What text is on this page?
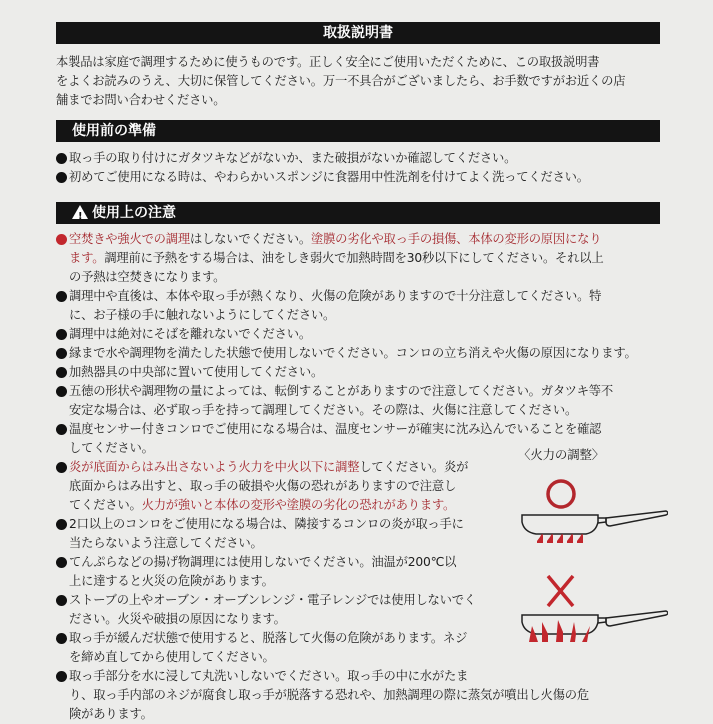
取扱説明書
本製品は家庭で調理するために使うものです。正しく安全にご使用いただくために、この取扱説明書
をよくお読みのうえ、大切に保管してください。万一不具合がございましたら、お手数ですがお近くの店
舗までお問い合わせください。
使用前の準備
取っ手の取り付けにガタツキなどがないか、また破損がないか確認してください。
初めてご使用になる時は、やわらかいスポンジに食器用中性洗剤を付けてよく洗ってください。
!使用上の注意
空焚きや強火での調理はしないでください。塗膜の劣化や取っ手の損傷、本体の変形の原因になり
ます。調理前に予熱をする場合は、油をしき弱火で加熱時間を30秒以下にしてください。それ以上
の予熱は空焚きになります。
調理中や直後は、本体や取っ手が熱くなり、火傷の危険がありますので十分注意してください。特
に、お子様の手に触れないようにしてください。
調理中は絶対にそばを離れないでください。
縁まで水や調理物を満たした状態で使用しないでください。コンロの立ち消えや火傷の原因になります。
加熱器具の中央部に置いて使用してください。
五徳の形状や調理物の量によっては、転倒することがありますので注意してください。ガタツキ等不
安定な場合は、必ず取っ手を持って調理してください。その際は、火傷に注意してください。
温度センサー付きコンロでご使用になる場合は、温度センサーが確実に沈み込んでいることを確認
してください。
炎が底面からはみ出さないよう火力を中火以下に調整してください。炎が
底面からはみ出すと、取っ手の破損や火傷の恐れがありますので注意し
てください。火力が強いと本体の変形や塗膜の劣化の恐れがあります。
2口以上のコンロをご使用になる場合は、隣接するコンロの炎が取っ手に
当たらないよう注意してください。
てんぷらなどの揚げ物調理には使用しないでください。油温が200℃以
上に達すると火災の危険があります。
ストーブの上やオーブン・オーブンレンジ・電子レンジでは使用しないでく
ださい。火災や破損の原因になります。
取っ手が緩んだ状態で使用すると、脱落して火傷の危険があります。ネジ
を締め直してから使用してください。
取っ手部分を水に浸して丸洗いしないでください。取っ手の中に水がたま
り、取っ手内部のネジが腐食し取っ手が脱落する恐れや、加熱調理の際に蒸気が噴出し火傷の危
険があります。
〈火力の調整〉
